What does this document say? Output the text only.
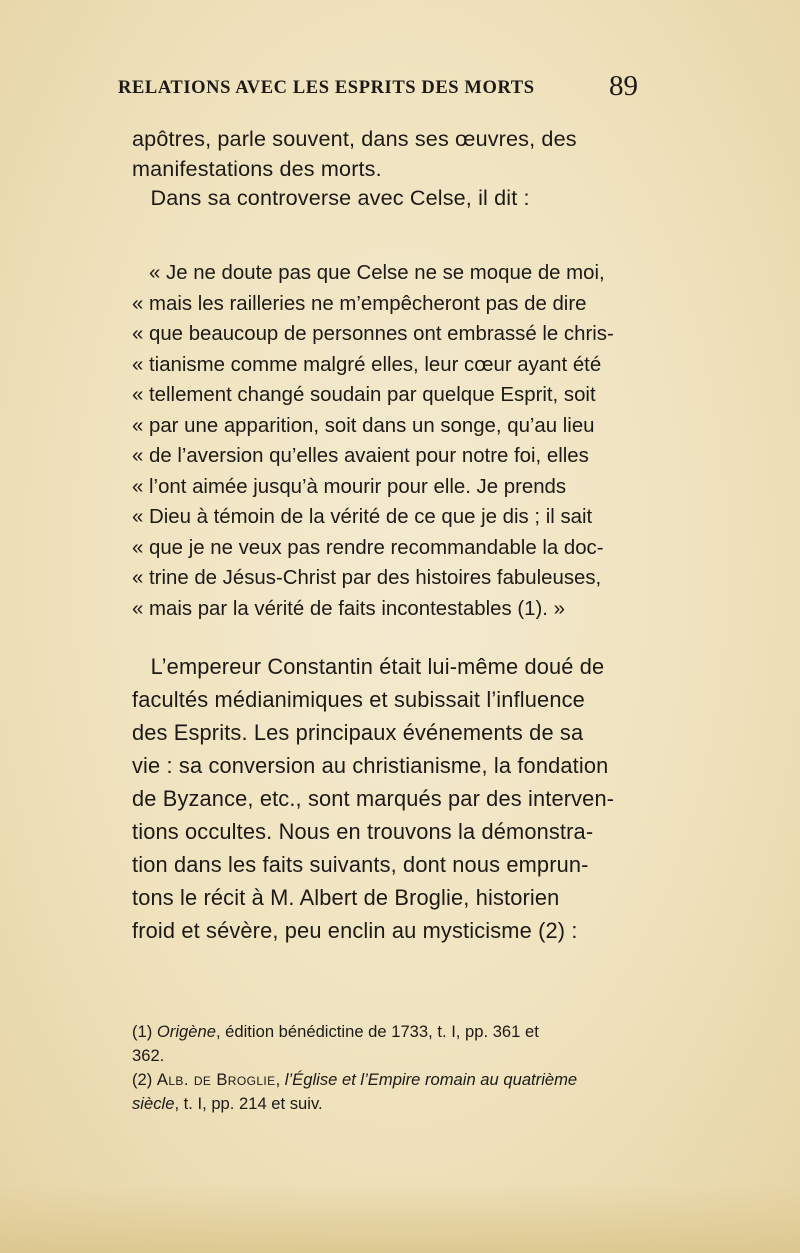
RELATIONS AVEC LES ESPRITS DES MORTS	89
apôtres, parle souvent, dans ses œuvres, des
manifestations des morts.
Dans sa controverse avec Celse, il dit :
« Je ne doute pas que Celse ne se moque de moi,
« mais les railleries ne m’empêcheront pas de dire
« que beaucoup de personnes ont embrassé le chris-
« tianisme comme malgré elles, leur cœur ayant été
« tellement changé soudain par quelque Esprit, soit
« par une apparition, soit dans un songe, qu’au lieu
« de l’aversion qu’elles avaient pour notre foi, elles
« l’ont aimée jusqu’à mourir pour elle. Je prends
« Dieu à témoin de la vérité de ce que je dis ; il sait
« que je ne veux pas rendre recommandable la doc-
« trine de Jésus-Christ par des histoires fabuleuses,
« mais par la vérité de faits incontestables (1). »
L’empereur Constantin était lui-même doué de
facultés médianimiques et subissait l’influence
des Esprits. Les principaux événements de sa
vie : sa conversion au christianisme, la fondation
de Byzance, etc., sont marqués par des interven-
tions occultes. Nous en trouvons la démonstra-
tion dans les faits suivants, dont nous emprun-
tons le récit à M. Albert de Broglie, historien
froid et sévère, peu enclin au mysticisme (2) :
(1) Origène, édition bénédictine de 1733, t. I, pp. 361 et
362.
(2) Alb. de Broglie, l’Église et l’Empire romain au quatrième
siècle, t. I, pp. 214 et suiv.
